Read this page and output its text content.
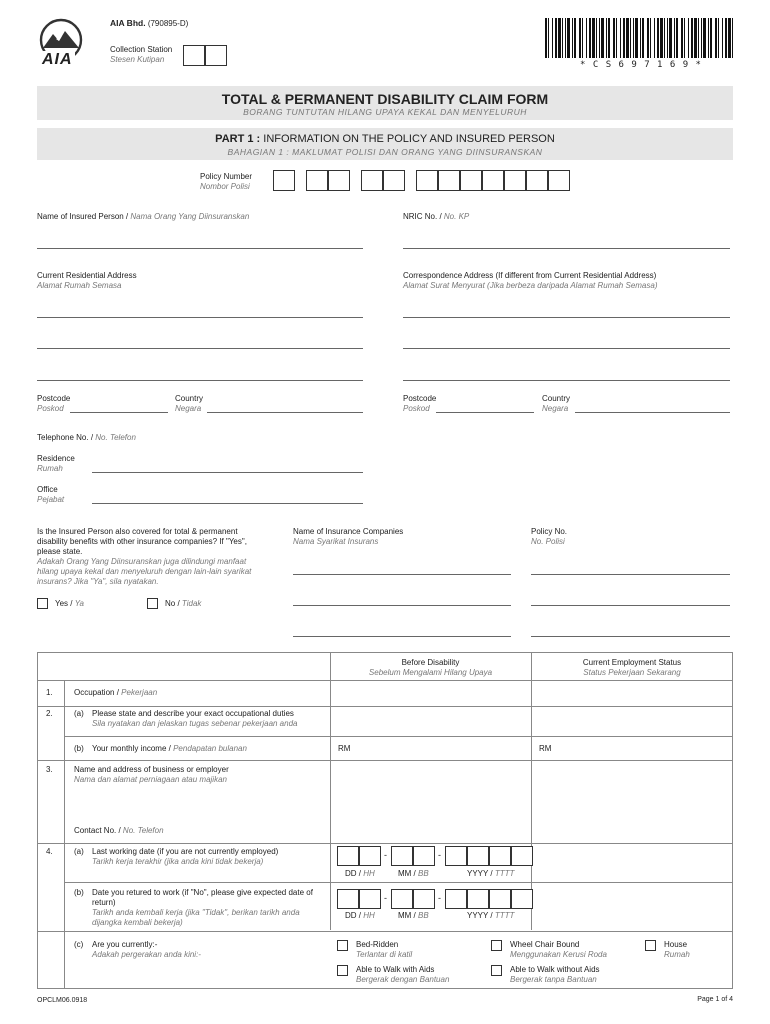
AIA
AIA Bhd. (790895-D)
Collection Station
Stesen Kutipan
* C S 6 9 7 1 6 9 *
TOTAL & PERMANENT DISABILITY CLAIM FORM
BORANG TUNTUTAN HILANG UPAYA KEKAL DAN MENYELURUH
PART 1 : INFORMATION ON THE POLICY AND INSURED PERSON
BAHAGIAN 1 : MAKLUMAT POLISI DAN ORANG YANG DIINSURANSKAN
Policy Number
Nombor Polisi
Name of Insured Person / Nama Orang Yang Diinsuranskan	NRIC No. / No. KP
Current Residential Address
Alamat Rumah Semasa
Correspondence Address (If different from Current Residential Address)
Alamat Surat Menyurat (Jika berbeza daripada Alamat Rumah Semasa)
Postcode
Poskod
Country
Negara
Postcode
Poskod
Country
Negara
Telephone No. / No. Telefon
Residence
Rumah
Office
Pejabat
Is the Insured Person also covered for total & permanent disability benefits with other insurance companies? If "Yes", please state.
Adakah Orang Yang Diinsuranskan juga dilindungi manfaat hilang upaya kekal dan menyeluruh dengan lain-lain syarikat insurans? Jika "Ya", sila nyatakan.
Yes / Ya	No / Tidak
Name of Insurance Companies
Nama Syarikat Insurans
Policy No.
No. Polisi
Before Disability
Sebelum Mengalami Hilang Upaya
Current Employment Status
Status Pekerjaan Sekarang
1.	Occupation / Pekerjaan
2.	(a) Please state and describe your exact occupational duties
Sila nyatakan dan jelaskan tugas sebenar pekerjaan anda
(b) Your monthly income / Pendapatan bulanan	RM	RM
3.	Name and address of business or employer
Nama dan alamat perniagaan atau majikan
Contact No. / No. Telefon
4.	(a) Last working date (if you are not currently employed)
Tarikh kerja terakhir (jika anda kini tidak bekerja)
-	-
DD / HH	MM / BB	YYYY / TTTT
(b) Date you retured to work (if "No", please give expected date of return)
Tarikh anda kembali kerja (jika "Tidak", berikan tarikh anda dijangka kembali bekerja)
-	-
DD / HH	MM / BB	YYYY / TTTT
(c) Are you currently:-
Adakah pergerakan anda kini:-
Bed-Ridden
Terlantar di katil
Wheel Chair Bound
Menggunakan Kerusi Roda
House
Rumah
Able to Walk with Aids
Bergerak dengan Bantuan
Able to Walk without Aids
Bergerak tanpa Bantuan
OPCLM06.0918	Page 1 of 4
